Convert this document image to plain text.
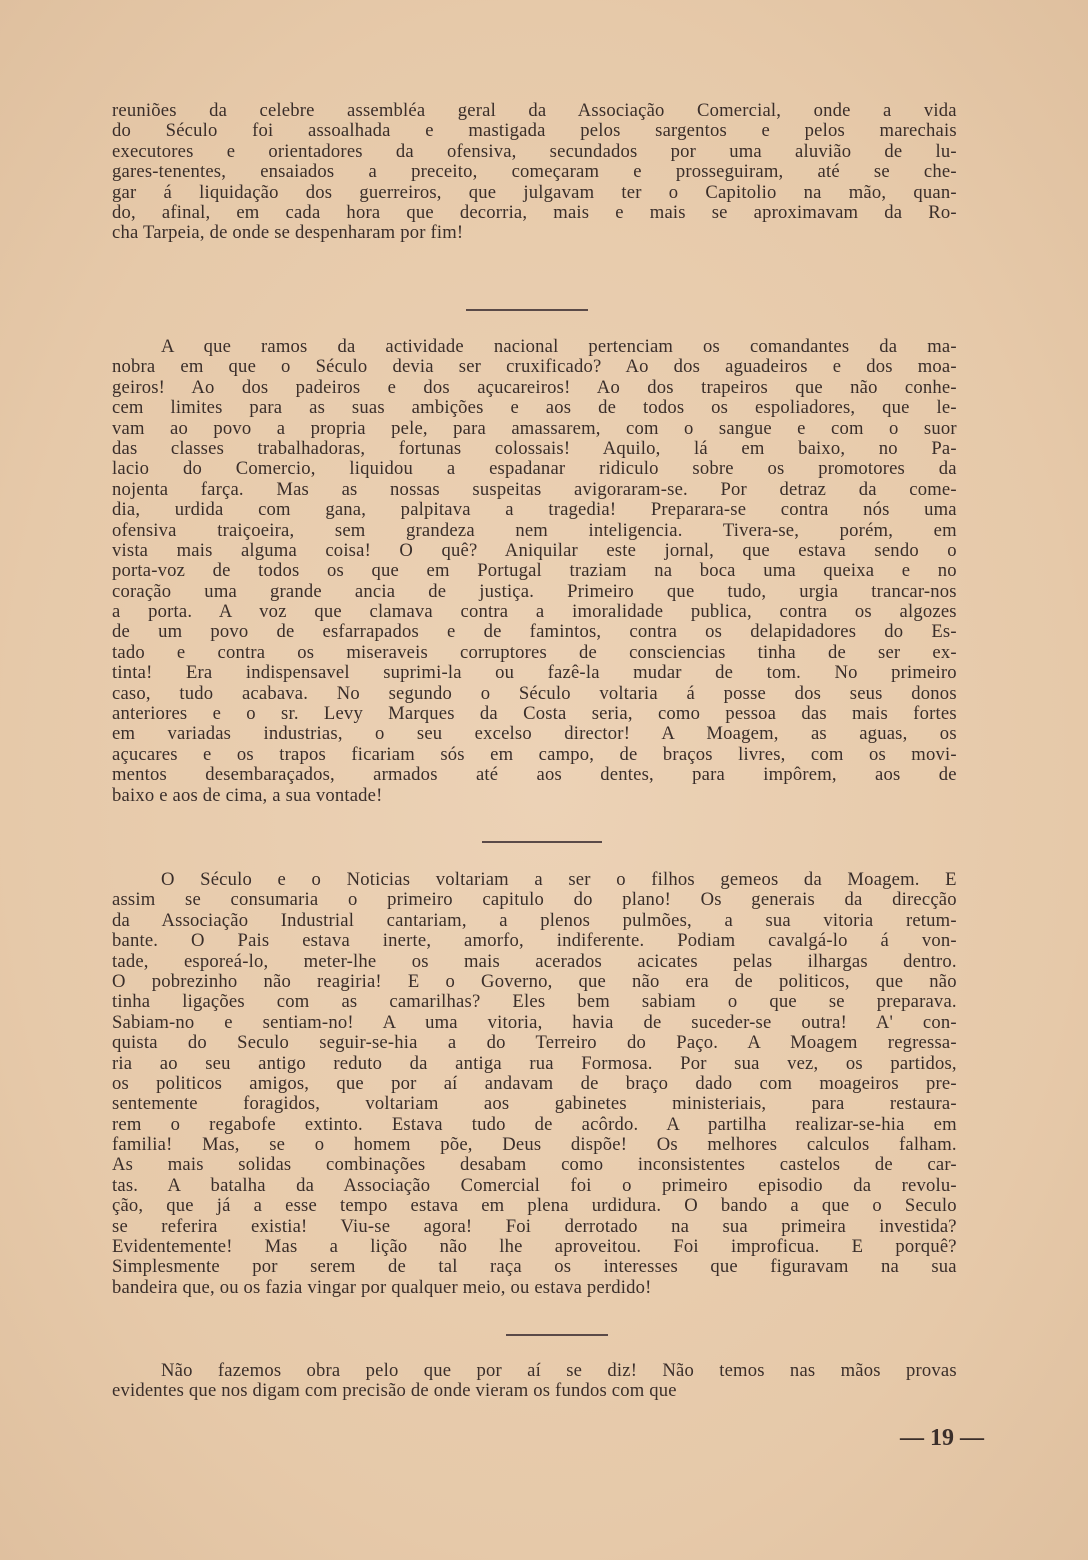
reuniões da celebre assembléa geral da Associação Comercial, onde a vida
do Século foi assoalhada e mastigada pelos sargentos e pelos marechais
executores e orientadores da ofensiva, secundados por uma aluvião de lu-
gares-tenentes, ensaiados a preceito, começaram e prosseguiram, até se che-
gar á liquidação dos guerreiros, que julgavam ter o Capitolio na mão, quan-
do, afinal, em cada hora que decorria, mais e mais se aproximavam da Ro-
cha Tarpeia, de onde se despenharam por fim!
A que ramos da actividade nacional pertenciam os comandantes da ma-
nobra em que o Século devia ser cruxificado? Ao dos aguadeiros e dos moa-
geiros! Ao dos padeiros e dos açucareiros! Ao dos trapeiros que não conhe-
cem limites para as suas ambições e aos de todos os espoliadores, que le-
vam ao povo a propria pele, para amassarem, com o sangue e com o suor
das classes trabalhadoras, fortunas colossais! Aquilo, lá em baixo, no Pa-
lacio do Comercio, liquidou a espadanar ridiculo sobre os promotores da
nojenta farça. Mas as nossas suspeitas avigoraram-se. Por detraz da come-
dia, urdida com gana, palpitava a tragedia! Preparara-se contra nós uma
ofensiva traiçoeira, sem grandeza nem inteligencia. Tivera-se, porém, em
vista mais alguma coisa! O quê? Aniquilar este jornal, que estava sendo o
porta-voz de todos os que em Portugal traziam na boca uma queixa e no
coração uma grande ancia de justiça. Primeiro que tudo, urgia trancar-nos
a porta. A voz que clamava contra a imoralidade publica, contra os algozes
de um povo de esfarrapados e de famintos, contra os delapidadores do Es-
tado e contra os miseraveis corruptores de consciencias tinha de ser ex-
tinta! Era indispensavel suprimi-la ou fazê-la mudar de tom. No primeiro
caso, tudo acabava. No segundo o Século voltaria á posse dos seus donos
anteriores e o sr. Levy Marques da Costa seria, como pessoa das mais fortes
em variadas industrias, o seu excelso director! A Moagem, as aguas, os
açucares e os trapos ficariam sós em campo, de braços livres, com os movi-
mentos desembaraçados, armados até aos dentes, para impôrem, aos de
baixo e aos de cima, a sua vontade!
O Século e o Noticias voltariam a ser o filhos gemeos da Moagem. E
assim se consumaria o primeiro capitulo do plano! Os generais da direcção
da Associação Industrial cantariam, a plenos pulmões, a sua vitoria retum-
bante. O Pais estava inerte, amorfo, indiferente. Podiam cavalgá-lo á von-
tade, esporeá-lo, meter-lhe os mais acerados acicates pelas ilhargas dentro.
O pobrezinho não reagiria! E o Governo, que não era de politicos, que não
tinha ligações com as camarilhas? Eles bem sabiam o que se preparava.
Sabiam-no e sentiam-no! A uma vitoria, havia de suceder-se outra! A' con-
quista do Seculo seguir-se-hia a do Terreiro do Paço. A Moagem regressa-
ria ao seu antigo reduto da antiga rua Formosa. Por sua vez, os partidos,
os politicos amigos, que por aí andavam de braço dado com moageiros pre-
sentemente foragidos, voltariam aos gabinetes ministeriais, para restaura-
rem o regabofe extinto. Estava tudo de acôrdo. A partilha realizar-se-hia em
familia! Mas, se o homem põe, Deus dispõe! Os melhores calculos falham.
As mais solidas combinações desabam como inconsistentes castelos de car-
tas. A batalha da Associação Comercial foi o primeiro episodio da revolu-
ção, que já a esse tempo estava em plena urdidura. O bando a que o Seculo
se referira existia! Viu-se agora! Foi derrotado na sua primeira investida?
Evidentemente! Mas a lição não lhe aproveitou. Foi improficua. E porquê?
Simplesmente por serem de tal raça os interesses que figuravam na sua
bandeira que, ou os fazia vingar por qualquer meio, ou estava perdido!
Não fazemos obra pelo que por aí se diz! Não temos nas mãos provas
evidentes que nos digam com precisão de onde vieram os fundos com que
— 19 —
